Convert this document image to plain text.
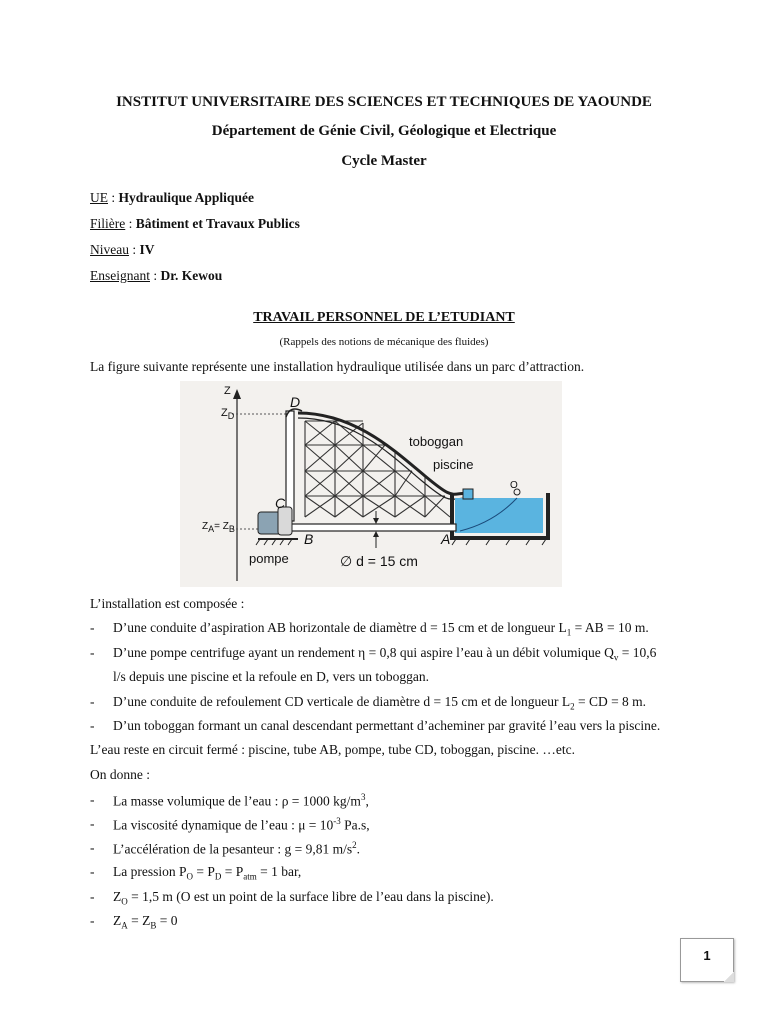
INSTITUT UNIVERSITAIRE DES SCIENCES ET TECHNIQUES DE YAOUNDE
Département de Génie Civil, Géologique et Electrique
Cycle Master
UE : Hydraulique Appliquée
Filière : Bâtiment et Travaux Publics
Niveau : IV
Enseignant : Dr. Kewou
TRAVAIL PERSONNEL DE L’ETUDIANT
(Rappels des notions de mécanique des fluides)
La figure suivante représente une installation hydraulique utilisée dans un parc d’attraction.
Z
$Z_D$
$Z_A= Z_B$
D
C
B	A
O
toboggan
piscine
pompe	∅ d = 15 cm
L’installation est composée :
- D’une conduite d’aspiration AB horizontale de diamètre d = 15 cm et de longueur $L_1$ = AB = 10 m.
- D’une pompe centrifuge ayant un rendement η = 0,8 qui aspire l’eau à un débit volumique $Q_v = 10,6$
l/s depuis une piscine et la refoule en D, vers un toboggan.
- D’une conduite de refoulement CD verticale de diamètre d = 15 cm et de longueur $L_2$ = CD = 8 m.
- D’un toboggan formant un canal descendant permettant d’acheminer par gravité l’eau vers la piscine.
L’eau reste en circuit fermé : piscine, tube AB, pompe, tube CD, toboggan, piscine. …etc.
On donne :
- La masse volumique de l’eau : ρ = 1000 $kg/m^3$,
- La viscosité dynamique de l’eau : $\mu = 10^{-3}$ Pa.s,
- L’accélération de la pesanteur : g = 9,81 $m/s^2$.
- La pression $P_O = P_D = P_{atm} = 1$ bar,
- $Z_O = 1,5$ m (O est un point de la surface libre de l’eau dans la piscine).
- $Z_A = Z_B = 0$
1
